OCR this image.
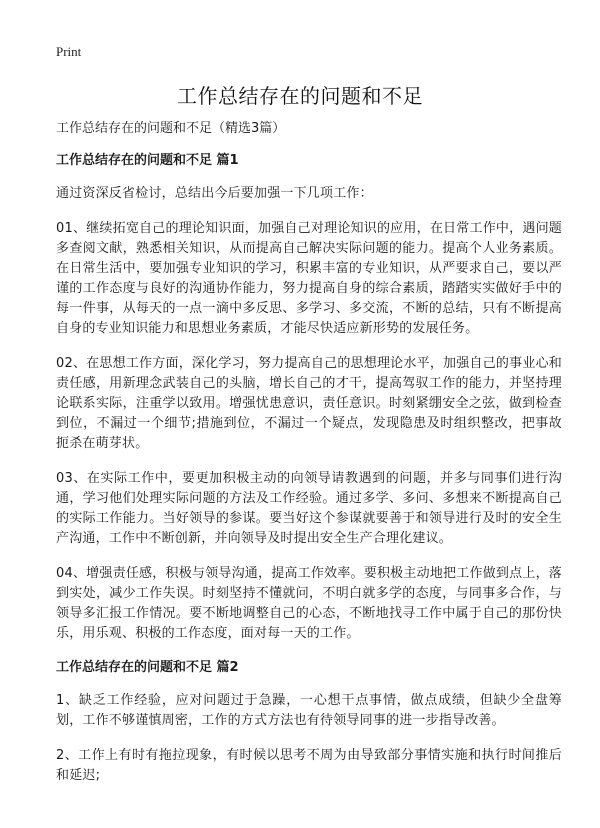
Print
工作总结存在的问题和不足

工作总结存在的问题和不足（精选3篇）

工作总结存在的问题和不足 篇1

通过资深反省检讨，总结出今后要加强一下几项工作：

01、继续拓宽自己的理论知识面，加强自己对理论知识的应用，在日常工作中，遇问题多查阅文献，熟悉相关知识，从而提高自己解决实际问题的能力。提高个人业务素质。在日常生活中，要加强专业知识的学习，积累丰富的专业知识，从严要求自己，要以严谨的工作态度与良好的沟通协作能力，努力提高自身的综合素质，踏踏实实做好手中的每一件事，从每天的一点一滴中多反思、多学习、多交流，不断的总结，只有不断提高自身的专业知识能力和思想业务素质，才能尽快适应新形势的发展任务。

02、在思想工作方面，深化学习，努力提高自己的思想理论水平，加强自己的事业心和责任感，用新理念武装自己的头脑，增长自己的才干，提高驾驭工作的能力，并坚持理论联系实际，注重学以致用。增强忧患意识，责任意识。时刻紧绷安全之弦，做到检查到位，不漏过一个细节;措施到位，不漏过一个疑点，发现隐患及时组织整改，把事故扼杀在萌芽状。

03、在实际工作中，要更加积极主动的向领导请教遇到的问题，并多与同事们进行沟通，学习他们处理实际问题的方法及工作经验。通过多学、多问、多想来不断提高自己的实际工作能力。当好领导的参谋。要当好这个参谋就要善于和领导进行及时的安全生产沟通，工作中不断创新，并向领导及时提出安全生产合理化建议。

04、增强责任感，积极与领导沟通，提高工作效率。要积极主动地把工作做到点上，落到实处，减少工作失误。时刻坚持不懂就问，不明白就多学的态度，与同事多合作，与领导多汇报工作情况。要不断地调整自己的心态，不断地找寻工作中属于自己的那份快乐，用乐观、积极的工作态度，面对每一天的工作。

工作总结存在的问题和不足 篇2

1、缺乏工作经验，应对问题过于急躁，一心想干点事情，做点成绩，但缺少全盘筹划，工作不够谨慎周密，工作的方式方法也有待领导同事的进一步指导改善。

2、工作上有时有拖拉现象，有时候以思考不周为由导致部分事情实施和执行时间推后和延迟;
